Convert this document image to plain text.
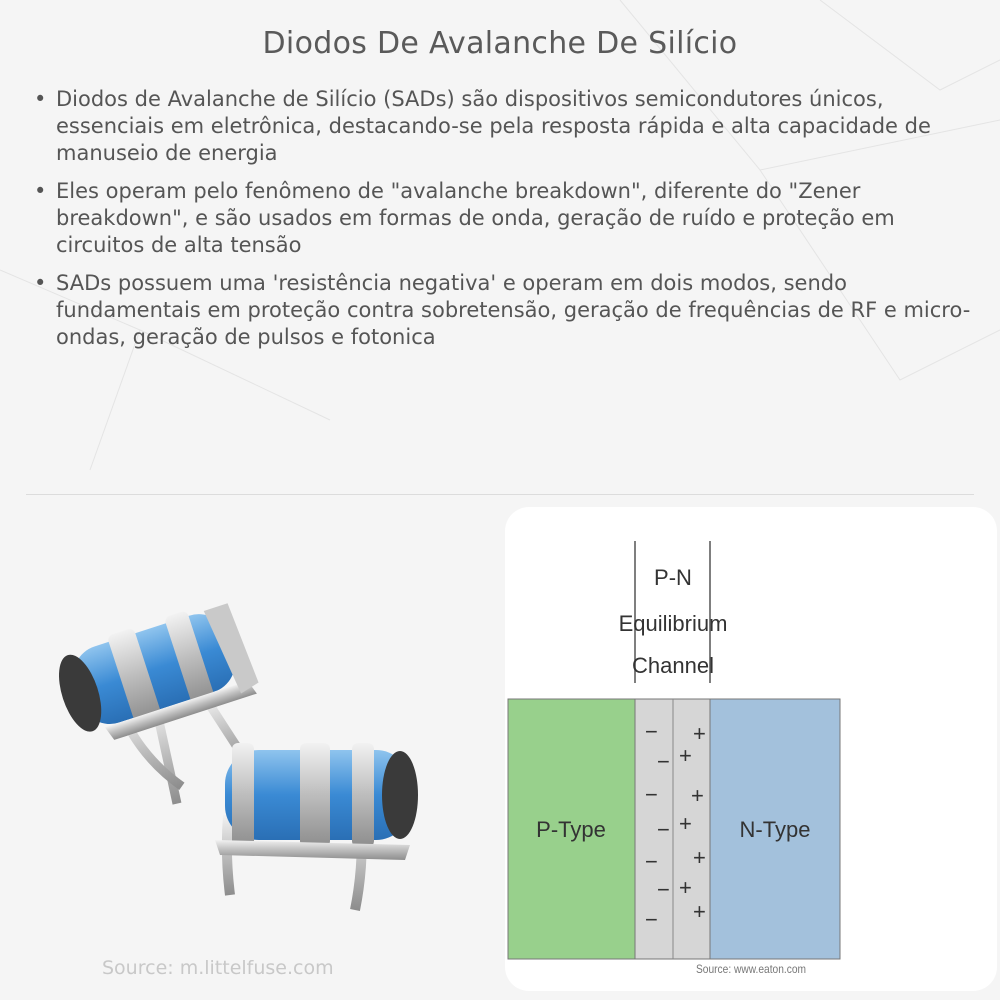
Diodos De Avalanche De Silício
• Diodos de Avalanche de Silício (SADs) são dispositivos semicondutores únicos, essenciais em eletrônica, destacando-se pela resposta rápida e alta capacidade de manuseio de energia
• Eles operam pelo fenômeno de "avalanche breakdown", diferente do "Zener breakdown", e são usados em formas de onda, geração de ruído e proteção em circuitos de alta tensão
• SADs possuem uma 'resistência negativa' e operam em dois modos, sendo fundamentais em proteção contra sobretensão, geração de frequências de RF e micro-ondas, geração de pulsos e fotonica
Source: m.littelfuse.com
P-N
Equilibrium
Channel
P-Type	N-Type
−
−
−
−
−
−
−
+
+
+
+
+
+
+
Source: www.eaton.com
